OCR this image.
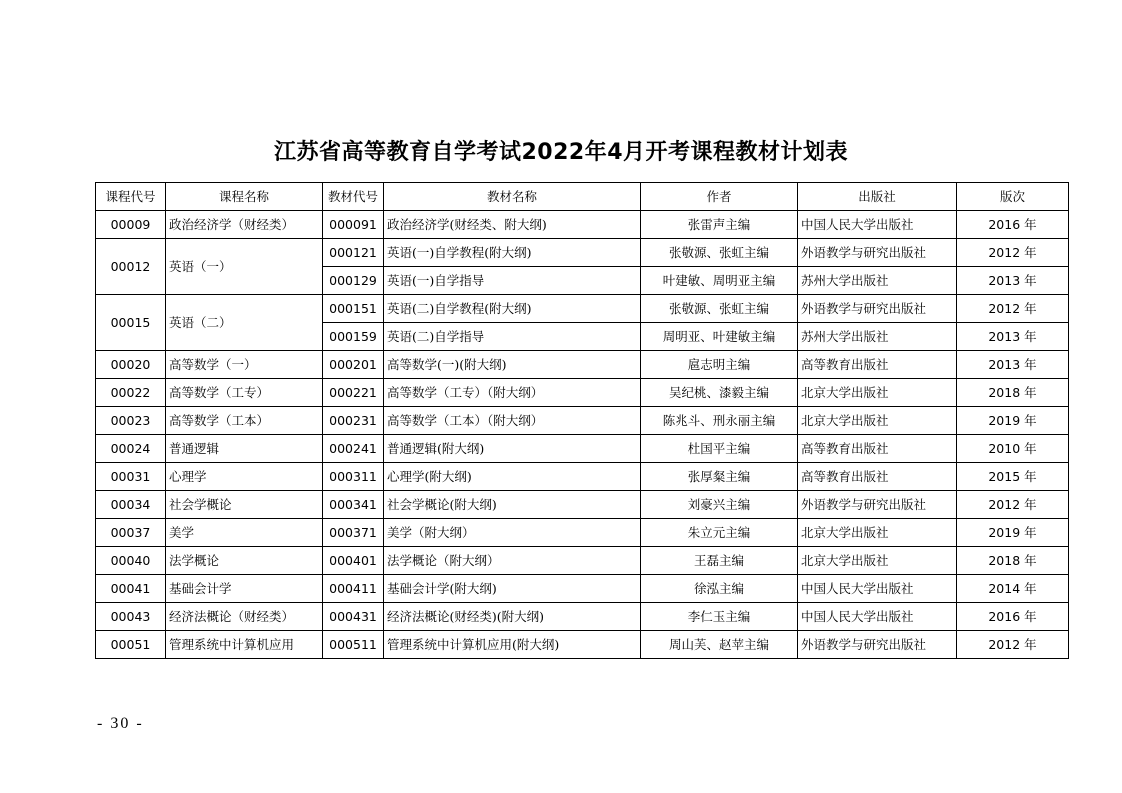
江苏省高等教育自学考试2022年4月开考课程教材计划表
课程代号	课程名称	教材代号	教材名称	作者	出版社	版次
00009	政治经济学（财经类）	000091	政治经济学(财经类、附大纲)	张雷声主编	中国人民大学出版社	2016 年
00012	英语（一）	000121	英语(一)自学教程(附大纲)	张敬源、张虹主编	外语教学与研究出版社	2012 年
		000129	英语(一)自学指导	叶建敏、周明亚主编	苏州大学出版社	2013 年
00015	英语（二）	000151	英语(二)自学教程(附大纲)	张敬源、张虹主编	外语教学与研究出版社	2012 年
		000159	英语(二)自学指导	周明亚、叶建敏主编	苏州大学出版社	2013 年
00020	高等数学（一）	000201	高等数学(一)(附大纲)	扈志明主编	高等教育出版社	2013 年
00022	高等数学（工专）	000221	高等数学（工专）（附大纲）	吴纪桃、漆毅主编	北京大学出版社	2018 年
00023	高等数学（工本）	000231	高等数学（工本）（附大纲）	陈兆斗、刑永丽主编	北京大学出版社	2019 年
00024	普通逻辑	000241	普通逻辑(附大纲)	杜国平主编	高等教育出版社	2010 年
00031	心理学	000311	心理学(附大纲)	张厚粲主编	高等教育出版社	2015 年
00034	社会学概论	000341	社会学概论(附大纲)	刘豪兴主编	外语教学与研究出版社	2012 年
00037	美学	000371	美学（附大纲）	朱立元主编	北京大学出版社	2019 年
00040	法学概论	000401	法学概论（附大纲）	王磊主编	北京大学出版社	2018 年
00041	基础会计学	000411	基础会计学(附大纲)	徐泓主编	中国人民大学出版社	2014 年
00043	经济法概论（财经类）	000431	经济法概论(财经类)(附大纲)	李仁玉主编	中国人民大学出版社	2016 年
00051	管理系统中计算机应用	000511	管理系统中计算机应用(附大纲)	周山芙、赵苹主编	外语教学与研究出版社	2012 年
- 30 -
